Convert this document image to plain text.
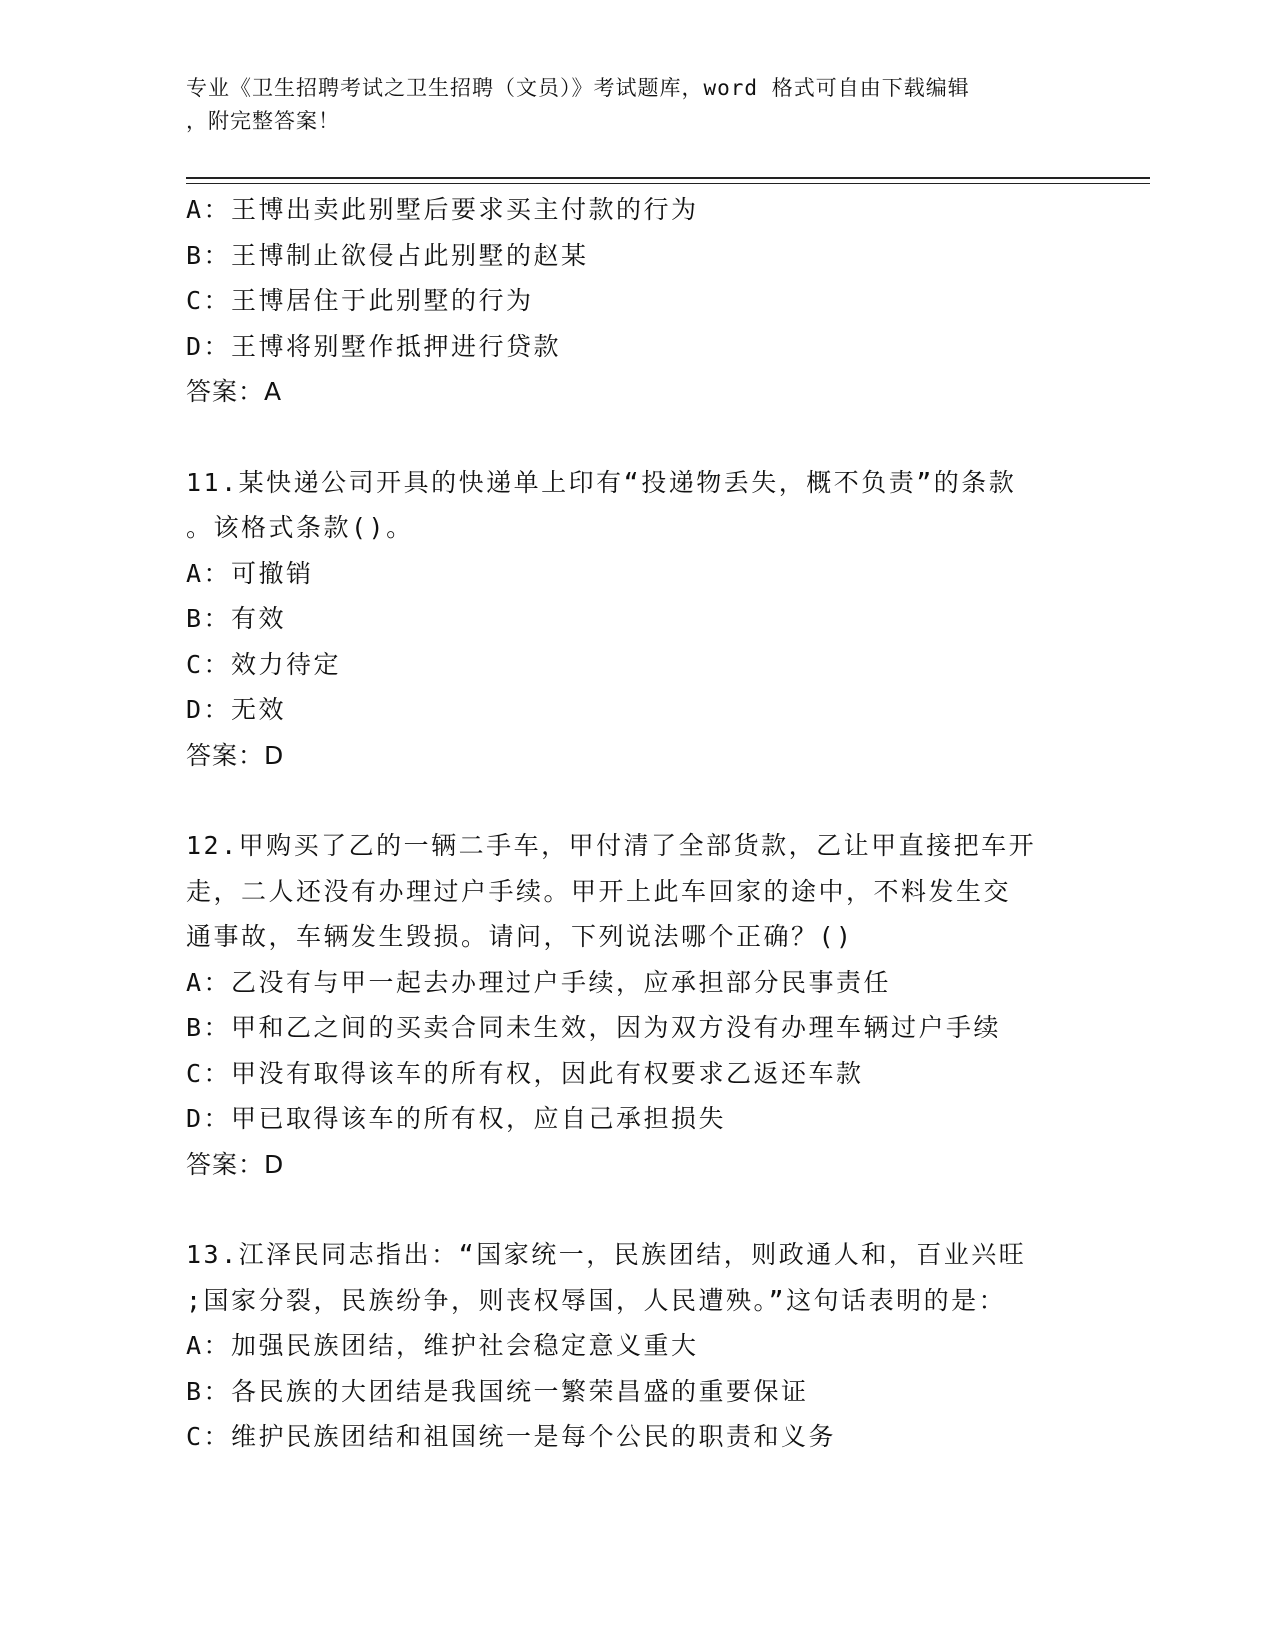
专业《卫生招聘考试之卫生招聘（文员）》考试题库，word 格式可自由下载编辑
，附完整答案！
A：王博出卖此别墅后要求买主付款的行为
B：王博制止欲侵占此别墅的赵某
C：王博居住于此别墅的行为
D：王博将别墅作抵押进行贷款
答案：A
11.某快递公司开具的快递单上印有“投递物丢失，概不负责”的条款
。该格式条款()。
A：可撤销
B：有效
C：效力待定
D：无效
答案：D
12.甲购买了乙的一辆二手车，甲付清了全部货款，乙让甲直接把车开
走，二人还没有办理过户手续。甲开上此车回家的途中，不料发生交
通事故，车辆发生毁损。请问，下列说法哪个正确？()
A：乙没有与甲一起去办理过户手续，应承担部分民事责任
B：甲和乙之间的买卖合同未生效，因为双方没有办理车辆过户手续
C：甲没有取得该车的所有权，因此有权要求乙返还车款
D：甲已取得该车的所有权，应自己承担损失
答案：D
13.江泽民同志指出：“国家统一，民族团结，则政通人和，百业兴旺
;国家分裂，民族纷争，则丧权辱国，人民遭殃。”这句话表明的是：
A：加强民族团结，维护社会稳定意义重大
B：各民族的大团结是我国统一繁荣昌盛的重要保证
C：维护民族团结和祖国统一是每个公民的职责和义务
